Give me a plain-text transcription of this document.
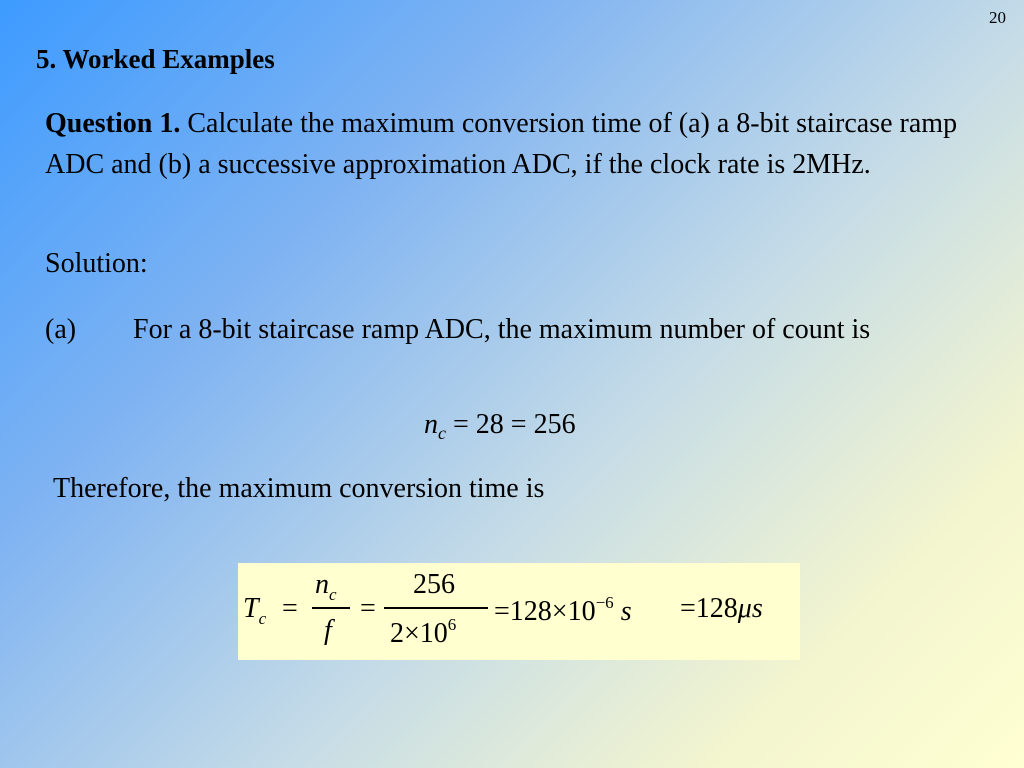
20
5. Worked Examples
Question 1. Calculate the maximum conversion time of (a) a 8-bit staircase ramp ADC and (b) a successive approximation ADC, if the clock rate is 2MHz.
Solution:
(a) For a 8-bit staircase ramp ADC, the maximum number of count is
$n_c = 28 = 256$
Therefore, the maximum conversion time is
$T_c$ =
$n_c$
f
=
256
$2\times 10^6 =128\times 10^{-6}$ s =128μs
